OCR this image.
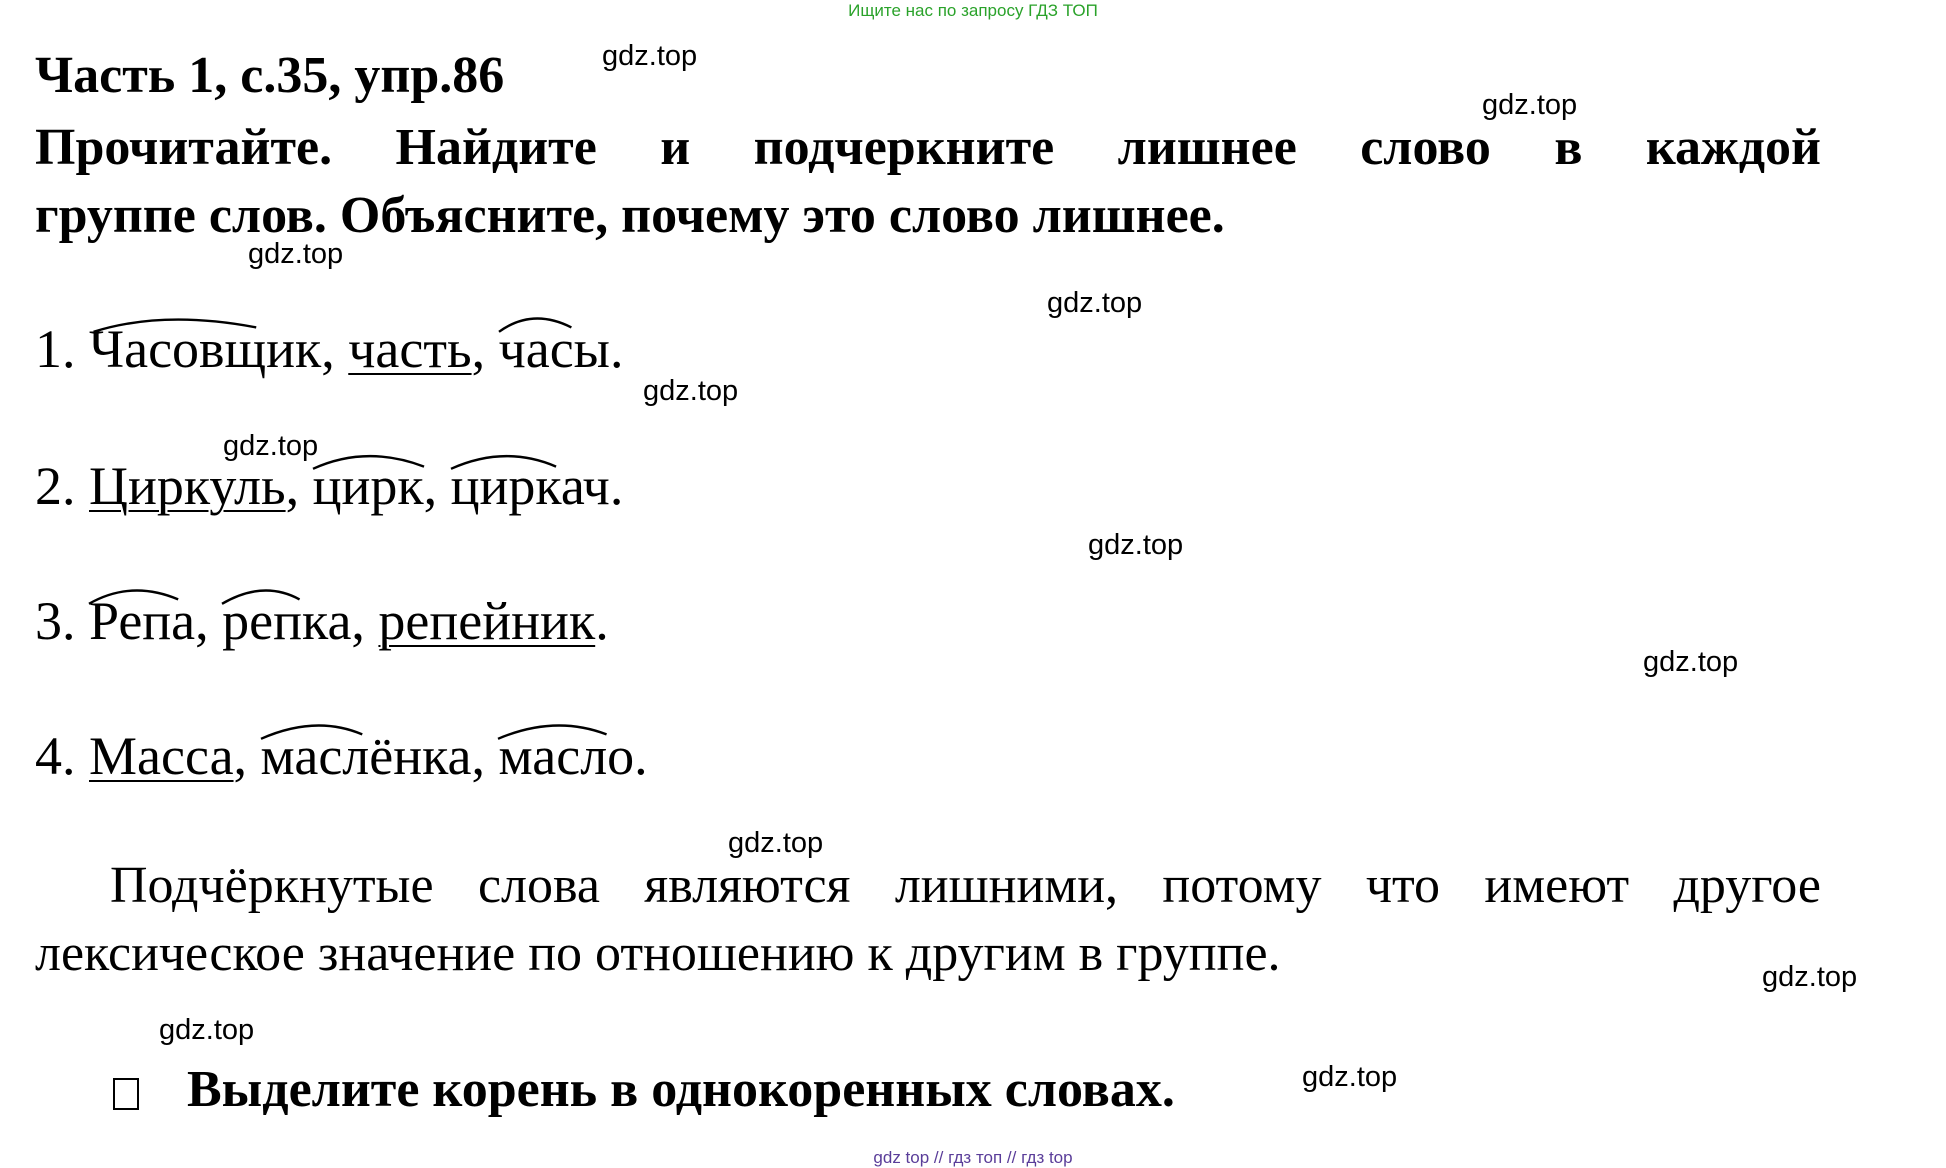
Ищите нас по запросу ГДЗ ТОП
Часть 1, с.35, упр.86
Прочитайте. Найдите и подчеркните лишнее слово в каждой
группе слов. Объясните, почему это слово лишнее.
1. Часовщик, часть,
часы.
2. Циркуль,
цирк,
циркач.
3. Репа,
репка, репейник.
4. Масса,
маслёнка,
масло.
Подчёркнутые слова являются лишними, потому что имеют другое
лексическое значение по отношению к другим в группе.
Выделите корень в однокоренных словах.
gdz.top
gdz.top
gdz.top
gdz.top
gdz.top
gdz.top
gdz.top
gdz.top
gdz.top
gdz.top
gdz.top
gdz.top
gdz top // гдз топ // гдз top
